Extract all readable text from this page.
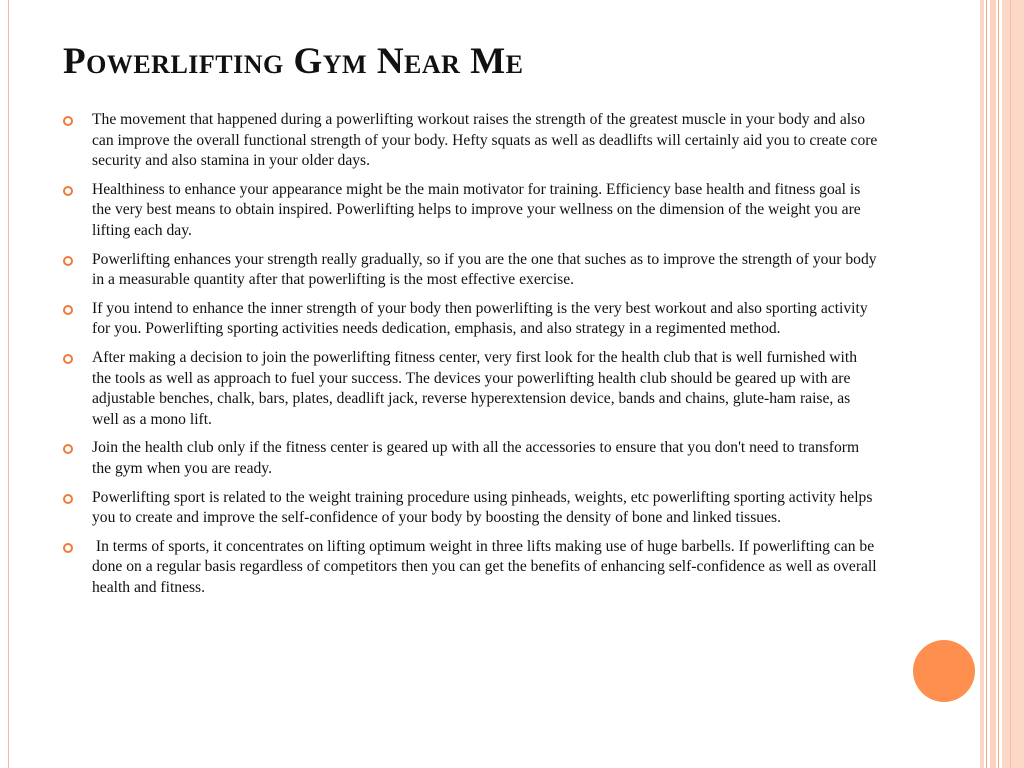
Powerlifting Gym Near Me
The movement that happened during a powerlifting workout raises the strength of the greatest muscle in your body and also can improve the overall functional strength of your body. Hefty squats as well as deadlifts will certainly aid you to create core security and also stamina in your older days.
Healthiness to enhance your appearance might be the main motivator for training. Efficiency base health and fitness goal is the very best means to obtain inspired. Powerlifting helps to improve your wellness on the dimension of the weight you are lifting each day.
Powerlifting enhances your strength really gradually, so if you are the one that suches as to improve the strength of your body in a measurable quantity after that powerlifting is the most effective exercise.
If you intend to enhance the inner strength of your body then powerlifting is the very best workout and also sporting activity for you. Powerlifting sporting activities needs dedication, emphasis, and also strategy in a regimented method.
After making a decision to join the powerlifting fitness center, very first look for the health club that is well furnished with the tools as well as approach to fuel your success. The devices your powerlifting health club should be geared up with are adjustable benches, chalk, bars, plates, deadlift jack, reverse hyperextension device, bands and chains, glute-ham raise, as well as a mono lift.
Join the health club only if the fitness center is geared up with all the accessories to ensure that you don't need to transform the gym when you are ready.
Powerlifting sport is related to the weight training procedure using pinheads, weights, etc powerlifting sporting activity helps you to create and improve the self-confidence of your body by boosting the density of bone and linked tissues.
In terms of sports, it concentrates on lifting optimum weight in three lifts making use of huge barbells. If powerlifting can be done on a regular basis regardless of competitors then you can get the benefits of enhancing self-confidence as well as overall health and fitness.
